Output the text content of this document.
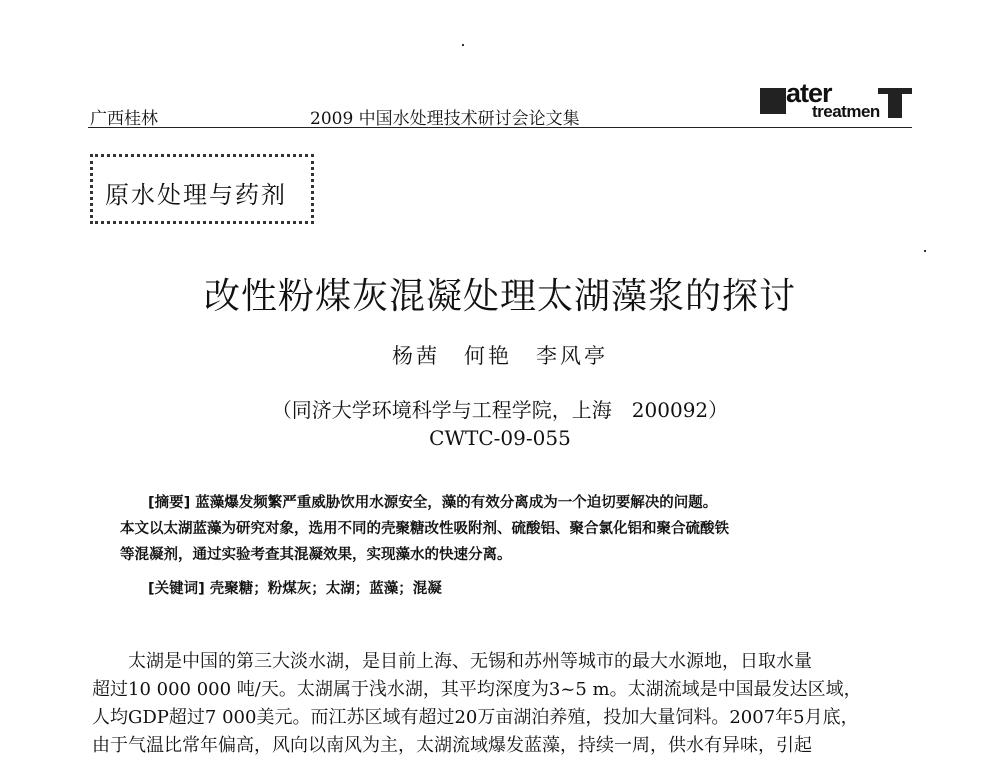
广西桂林	2009 中国水处理技术研讨会论文集
ater
treatmen
原水处理与药剂
改性粉煤灰混凝处理太湖藻浆的探讨
杨茜　何艳　李风亭
（同济大学环境科学与工程学院，上海　200092）
CWTC-09-055
[摘要] 蓝藻爆发频繁严重威胁饮用水源安全，藻的有效分离成为一个迫切要解决的问题。
本文以太湖蓝藻为研究对象，选用不同的壳聚糖改性吸附剂、硫酸铝、聚合氯化铝和聚合硫酸铁
等混凝剂，通过实验考查其混凝效果，实现藻水的快速分离。
[关键词] 壳聚糖；粉煤灰；太湖；蓝藻；混凝
太湖是中国的第三大淡水湖，是目前上海、无锡和苏州等城市的最大水源地，日取水量
超过10 000 000 吨/天。太湖属于浅水湖，其平均深度为3~5 m。太湖流域是中国最发达区域，
人均GDP超过7 000美元。而江苏区域有超过20万亩湖泊养殖，投加大量饲料。2007年5月底，
由于气温比常年偏高，风向以南风为主，太湖流域爆发蓝藻，持续一周，供水有异味，引起
